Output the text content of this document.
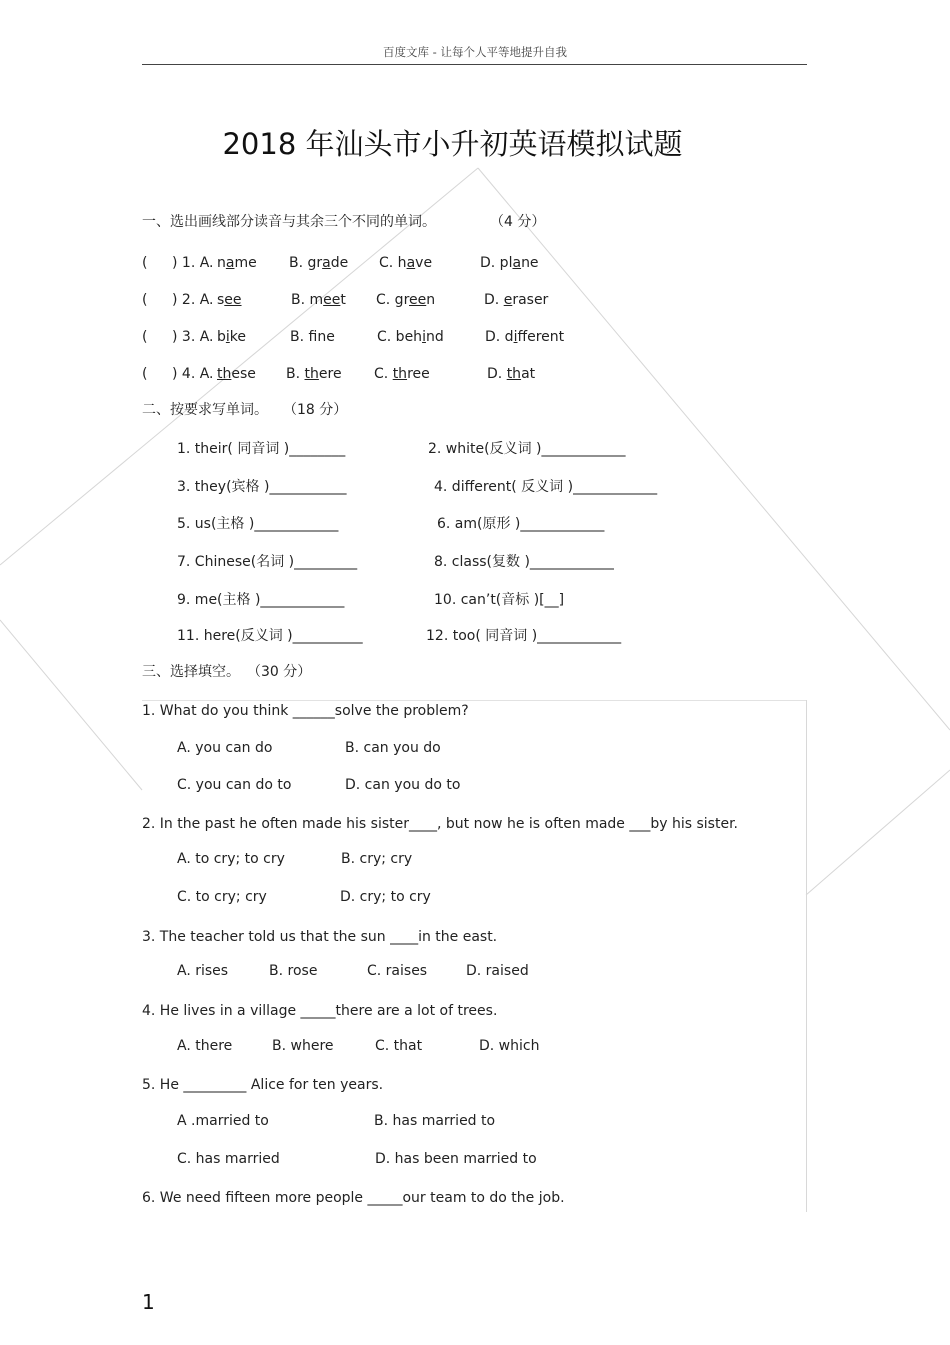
百度文库 - 让每个人平等地提升自我
2018 年汕头市小升初英语模拟试题
一、选出画线部分读音与其余三个不同的单词。	（4 分）
( ) 1. A. name B. grade C. have	D. plane
( ) 2. A. see	B. meet C. green	D. eraser
( ) 3. A. bike	B. fne	C. behind	D. different
( ) 4. A. these B. there C. three	D. that
二、按要求写单词。 （18 分）
1. their( 同音词 )________	2. white(反义词 )____________
3. they(宾格 )___________	4. different( 反义词 )____________
5. us(主格 )____________	6. am(原形 )____________
7. Chinese(名词 )_________	8. class(复数 )____________
9. me(主格 )____________	10. can’t(音标 )[__]
11. here(反义词 )__________	12. too( 同音词 )____________
三、选择填空。 （30 分）
1. What do you think ______solve the problem?
A. you can do	B. can you do
C. you can do to	D. can you do to
2. In the past he often made his sister____, but now he is often made ___by his sister.
A. to cry; to cry	B. cry; cry
C. to cry; cry	D. cry; to cry
3. The teacher told us that the sun ____in the east.
A. rises	B. rose	C. raises	D. raised
4. He lives in a village _____there are a lot of trees.
A. there	B. where	C. that	D. which
5. He _________ Alice for ten years.
A .married to	B. has married to
C. has married	D. has been married to
6. We need fifteen more people _____our team to do the job.
1
